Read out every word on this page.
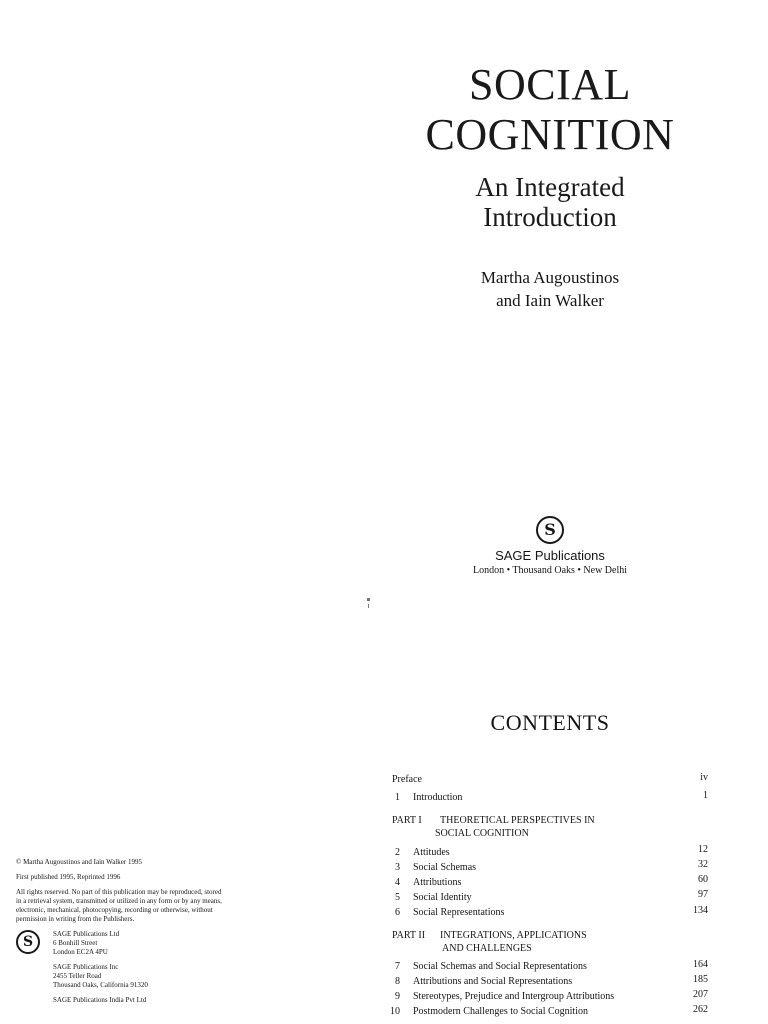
SOCIAL
COGNITION
An Integrated
Introduction
Martha Augoustinos
and Iain Walker
S
SAGE Publications
London • Thousand Oaks • New Delhi
CONTENTS
Preface	iv
1 Introduction	1
PART I THEORETICAL PERSPECTIVES IN
SOCIAL COGNITION
2 Attitudes	12
3 Social Schemas	32
4 Attributions	60
5 Social Identity	97
6 Social Representations	134
PART II INTEGRATIONS, APPLICATIONS
AND CHALLENGES
7 Social Schemas and Social Representations	164
8 Attributions and Social Representations	185
9 Stereotypes, Prejudice and Intergroup Attributions	207
10 Postmodern Challenges to Social Cognition	262

© Martha Augoustinos and Iain Walker 1995

First published 1995, Reprinted 1996

All rights reserved. No part of this publication may be reproduced, stored
in a retrieval system, transmitted or utilized in any form or by any means,
electronic, mechanical, photocopying, recording or otherwise, without
permission in writing from the Publishers.

S	SAGE Publications Ltd
6 Bonhill Street
London EC2A 4PU
SAGE Publications Inc
2455 Teller Road
Thousand Oaks, California 91320
SAGE Publications India Pvt Ltd
